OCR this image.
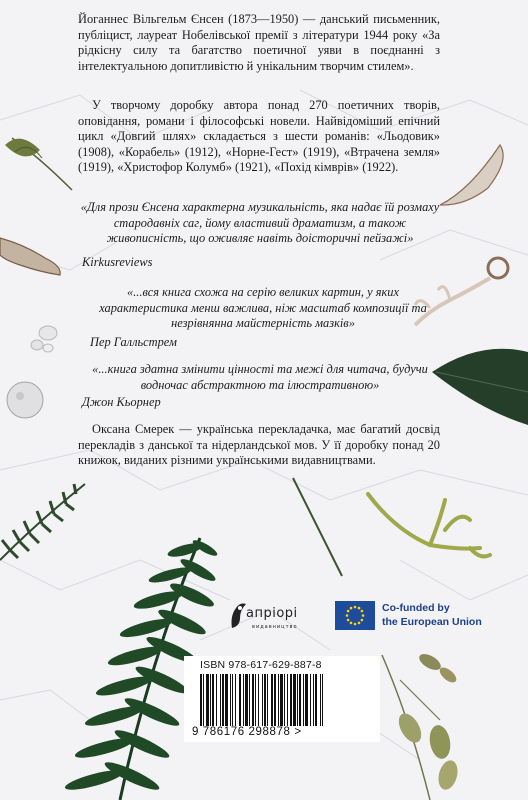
Йоганнес Вільгельм Єнсен (1873—1950) — данський письменник, публіцист, лауреат Нобелівської премії з літератури 1944 року «За рідкісну силу та багатство поетичної уяви в поєднанні з інтелектуальною допитливістю й унікальним творчим стилем».
У творчому доробку автора понад 270 поетичних творів, оповідання, романи і філософські новели. Найвідоміший епічний цикл «Довгий шлях» складається з шести романів: «Льодовик» (1908), «Корабель» (1912), «Норне-Гест» (1919), «Втрачена земля» (1919), «Христофор Колумб» (1921), «Похід кімврів» (1922).
«Для прози Єнсена характерна музикальність, яка надає їй розмаху стародавніх саг, йому властивий драматизм, а також живописність, що оживляє навіть доісторичні пейзажі»
Kirkusreviews
«...вся книга схожа на серію великих картин, у яких характеристика менш важлива, ніж масштаб композиції та незрівнянна майстерність мазків»
Пер Галльстрем
«...книга здатна змінити цінності та межі для читача, будучи водночас абстрактною та ілюстративною»
Джон Кьорнер
Оксана Смерек — українська перекладачка, має багатий досвід перекладів з данської та нідерландської мов. У її доробку понад 20 книжок, виданих різними українськими видавництвами.
апріорі
видавництво
Co-funded by
the European Union
ISBN 978-617-629-887-8
9 786176 298878 >
